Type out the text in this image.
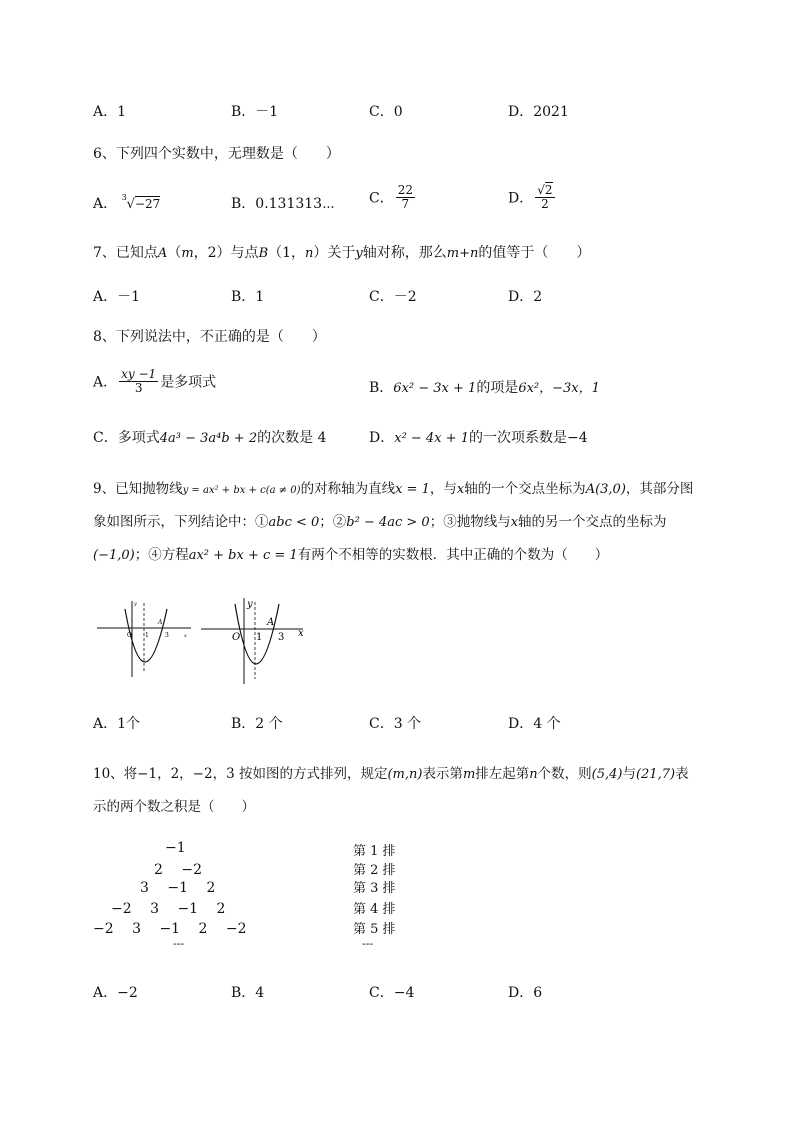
A．1	B．－1	C．0	D．2021
6、下列四个实数中，无理数是（　　）
A． $^3$√−27	B．0.131313⋯ C． $\frac{22}{7}$	D． $\frac{√2}{2}$
7、已知点A（m，2）与点B（1，n）关于y轴对称，那么m+n的值等于（　　）
A．－1	B．1	C．－2	D．2
8、下列说法中，不正确的是（　　）
A． $\frac{xy -1}{3}$ 是多项式	B．6x² − 3x + 1的项是6x²，−3x，1
C．多项式4a³ − 3a⁴b + 2的次数是 4	D．x² − 4x + 1的一次项系数是−4
9、已知抛物线y = ax² + bx + c(a ≠ 0)的对称轴为直线x = 1，与x轴的一个交点坐标为A(3,0)，其部分图
象如图所示，下列结论中：①abc < 0；②b² − 4ac > 0；③抛物线与x轴的另一个交点的坐标为
(−1,0)；④方程ax² + bx + c = 1有两个不相等的实数根．其中正确的个数为（　　）
O 1
A
3
y
x	O 1
A
3
y
x
A．1个	B．2 个	C．3 个	D．4 个
10、将−1，2，−2，3 按如图的方式排列，规定(m,n)表示第m排左起第n个数，则(5,4)与(21,7)表
示的两个数之积是（　　）
−1
2　 −2
3　 −1　 2
−2　 3　 −1　 2
−2　 3　 −1　 2　 −2
---
第 1 排
第 2 排
第 3 排
第 4 排
第 5 排
---
A．−2	B．4	C．−4	D．6
